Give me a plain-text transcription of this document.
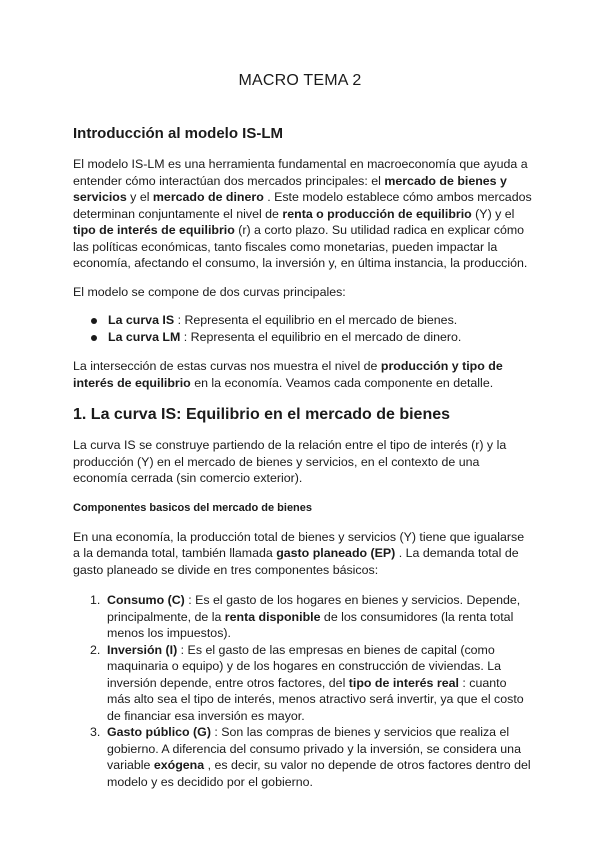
MACRO TEMA 2
Introducción al modelo IS-LM

El modelo IS-LM es una herramienta fundamental en macroeconomía que ayuda a entender cómo interactúan dos mercados principales: el mercado de bienes y servicios y el mercado de dinero . Este modelo establece cómo ambos mercados determinan conjuntamente el nivel de renta o producción de equilibrio (Y) y el tipo de interés de equilibrio (r) a corto plazo. Su utilidad radica en explicar cómo las políticas económicas, tanto fiscales como monetarias, pueden impactar la economía, afectando el consumo, la inversión y, en última instancia, la producción.

El modelo se compone de dos curvas principales:

La curva IS : Representa el equilibrio en el mercado de bienes.
La curva LM : Representa el equilibrio en el mercado de dinero.

La intersección de estas curvas nos muestra el nivel de producción y tipo de interés de equilibrio en la economía. Veamos cada componente en detalle.

1. La curva IS: Equilibrio en el mercado de bienes

La curva IS se construye partiendo de la relación entre el tipo de interés (r) y la producción (Y) en el mercado de bienes y servicios, en el contexto de una economía cerrada (sin comercio exterior).

Componentes basicos del mercado de bienes

En una economía, la producción total de bienes y servicios (Y) tiene que igualarse a la demanda total, también llamada gasto planeado (EP) . La demanda total de gasto planeado se divide en tres componentes básicos:

1. Consumo (C) : Es el gasto de los hogares en bienes y servicios. Depende, principalmente, de la renta disponible de los consumidores (la renta total menos los impuestos).
2. Inversión (I) : Es el gasto de las empresas en bienes de capital (como maquinaria o equipo) y de los hogares en construcción de viviendas. La inversión depende, entre otros factores, del tipo de interés real : cuanto más alto sea el tipo de interés, menos atractivo será invertir, ya que el costo de financiar esa inversión es mayor.
3. Gasto público (G) : Son las compras de bienes y servicios que realiza el gobierno. A diferencia del consumo privado y la inversión, se considera una variable exógena , es decir, su valor no depende de otros factores dentro del modelo y es decidido por el gobierno.
